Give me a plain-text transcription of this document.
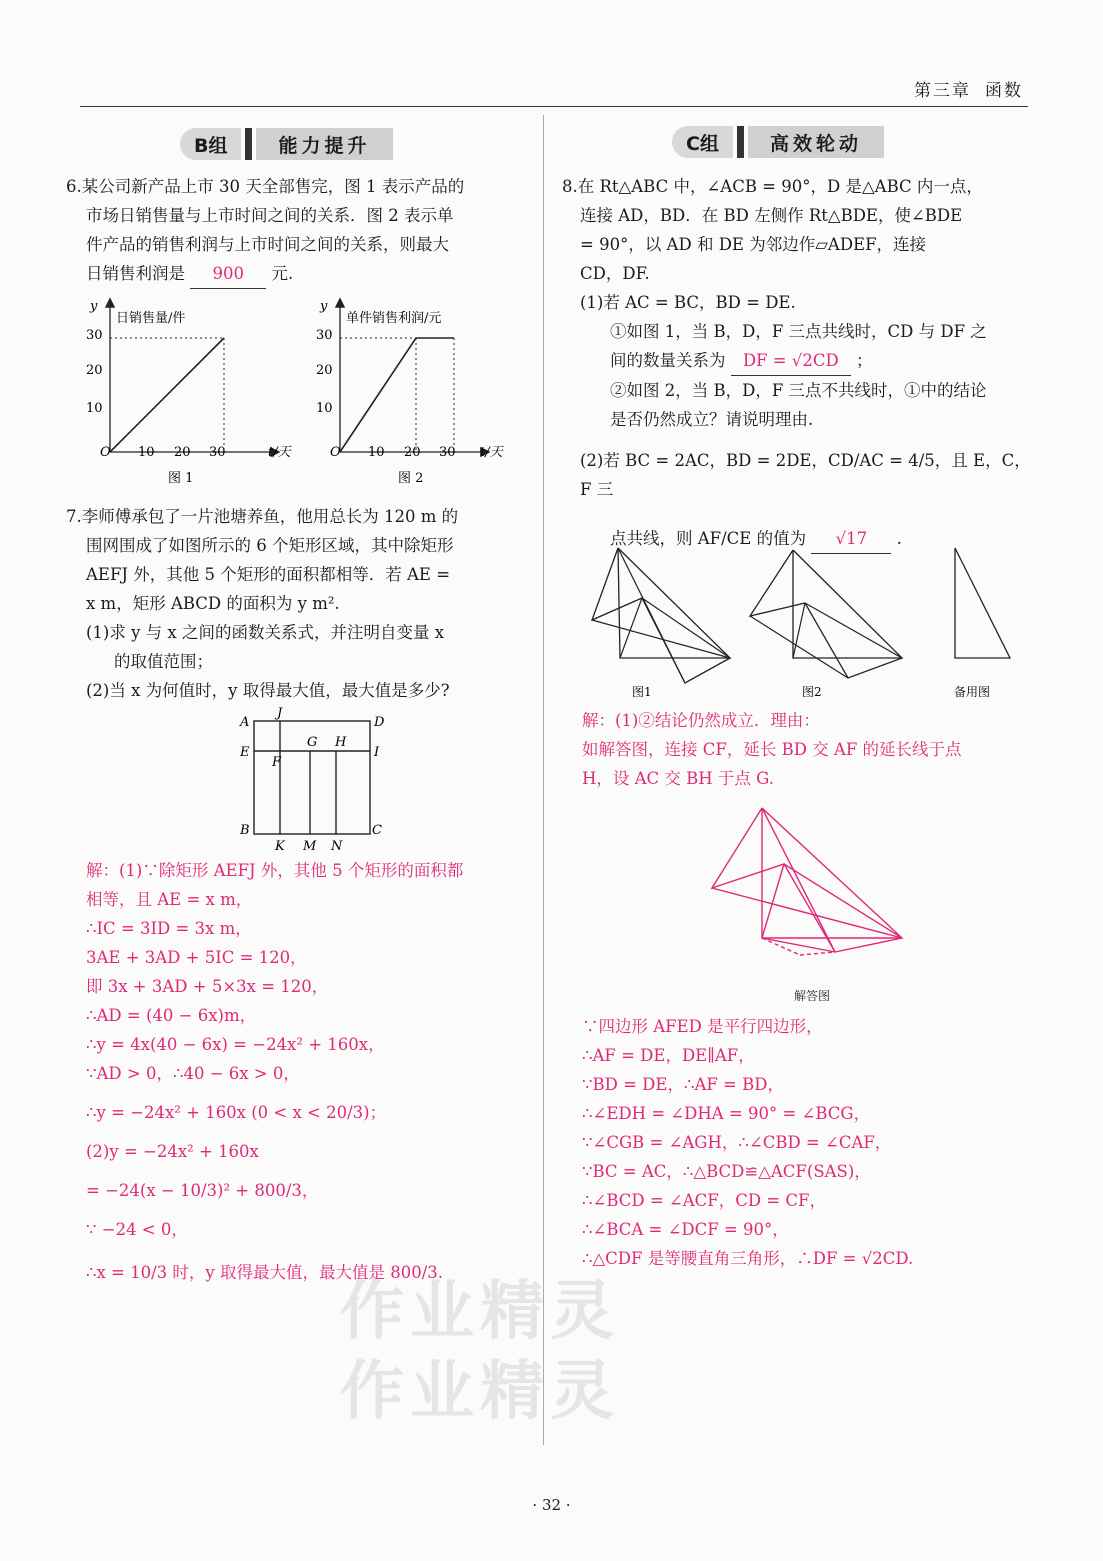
第三章 函数
B组	能力提升	C组	高效轮动
6.某公司新产品上市 30 天全部售完，图 1 表示产品的
市场日销售量与上市时间之间的关系．图 2 表示单
件产品的销售利润与上市时间之间的关系，则最大
日销售利润是 900 元.
y
日销售量/件
t/天
O
10
20
30
10 20 30
图 1
y
单件销售利润/元
t/天
O
10
20
30
10 20 30
图 2
7.李师傅承包了一片池塘养鱼，他用总长为 120 m 的
围网围成了如图所示的 6 个矩形区域，其中除矩形
AEFJ 外，其他 5 个矩形的面积都相等．若 AE =
x m，矩形 ABCD 的面积为 y m².
(1)求 y 与 x 之间的函数关系式，并注明自变量 x
的取值范围；
(2)当 x 为何值时，y 取得最大值，最大值是多少?
A
J
D
E	I
G H
F
B
K M N
C
解：(1)∵除矩形 AEFJ 外，其他 5 个矩形的面积都
相等，且 AE = x m，
∴IC = 3ID = 3x m，
3AE + 3AD + 5IC = 120，
即 3x + 3AD + 5×3x = 120，
∴AD = (40 − 6x)m，
∴y = 4x(40 − 6x) = −24x² + 160x，
∵AD > 0，∴40 − 6x > 0，
∴y = −24x² + 160x (0 < x < 20/3)；
(2)y = −24x² + 160x
= −24(x − 10/3)² + 800/3，
∵ −24 < 0，
∴x = 10/3 时，y 取得最大值，最大值是 800/3.
8.在 Rt△ABC 中，∠ACB = 90°，D 是△ABC 内一点，
连接 AD，BD．在 BD 左侧作 Rt△BDE，使∠BDE
= 90°，以 AD 和 DE 为邻边作▱ADEF，连接
CD，DF.
(1)若 AC = BC，BD = DE.
①如图 1，当 B，D，F 三点共线时，CD 与 DF 之
间的数量关系为 DF = √2CD ；
②如图 2，当 B，D，F 三点不共线时，①中的结论
是否仍然成立？请说明理由.
(2)若 BC = 2AC，BD = 2DE，CD/AC = 4/5，且 E，C，F 三
点共线，则 AF/CE 的值为 √17 .
图1	图2	备用图
解：(1)②结论仍然成立．理由：
如解答图，连接 CF，延长 BD 交 AF 的延长线于点
H，设 AC 交 BH 于点 G.
解答图
∵四边形 AFED 是平行四边形，
∴AF = DE，DE∥AF，
∵BD = DE，∴AF = BD，
∴∠EDH = ∠DHA = 90° = ∠BCG，
∵∠CGB = ∠AGH，∴∠CBD = ∠CAF，
∵BC = AC，∴△BCD≌△ACF(SAS)，
∴∠BCD = ∠ACF，CD = CF，
∴∠BCA = ∠DCF = 90°，
∴△CDF 是等腰直角三角形，∴DF = √2CD.
作业精灵
作业精灵
· 32 ·
